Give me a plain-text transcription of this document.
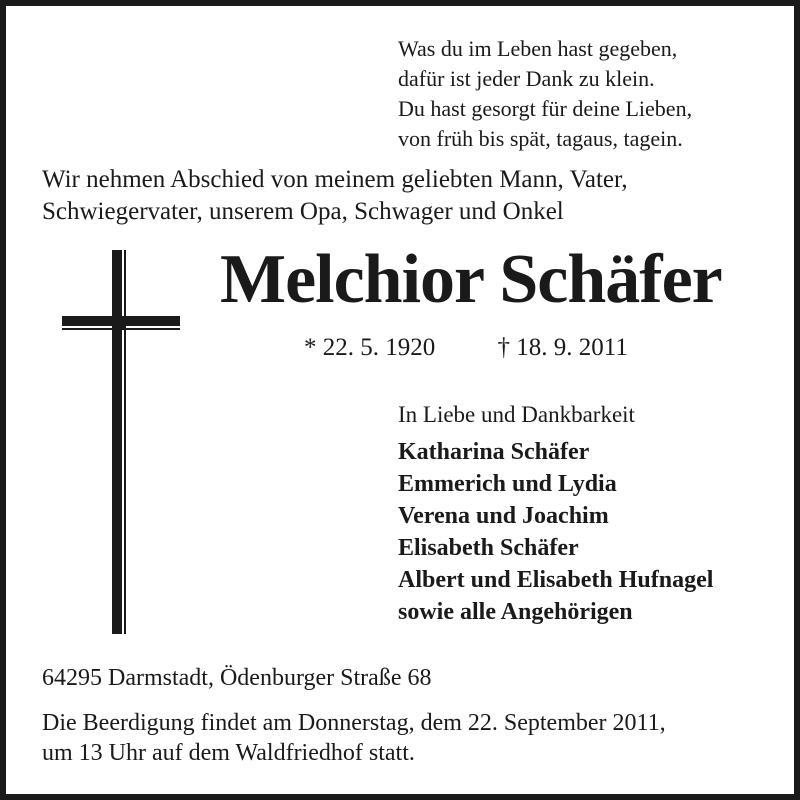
Was du im Leben hast gegeben,
dafür ist jeder Dank zu klein.
Du hast gesorgt für deine Lieben,
von früh bis spät, tagaus, tagein.
Wir nehmen Abschied von meinem geliebten Mann, Vater,
Schwiegervater, unserem Opa, Schwager und Onkel
Melchior Schäfer
* 22. 5. 1920 † 18. 9. 2011
In Liebe und Dankbarkeit
Katharina Schäfer
Emmerich und Lydia
Verena und Joachim
Elisabeth Schäfer
Albert und Elisabeth Hufnagel
sowie alle Angehörigen
64295 Darmstadt, Ödenburger Straße 68
Die Beerdigung findet am Donnerstag, dem 22. September 2011,
um 13 Uhr auf dem Waldfriedhof statt.
